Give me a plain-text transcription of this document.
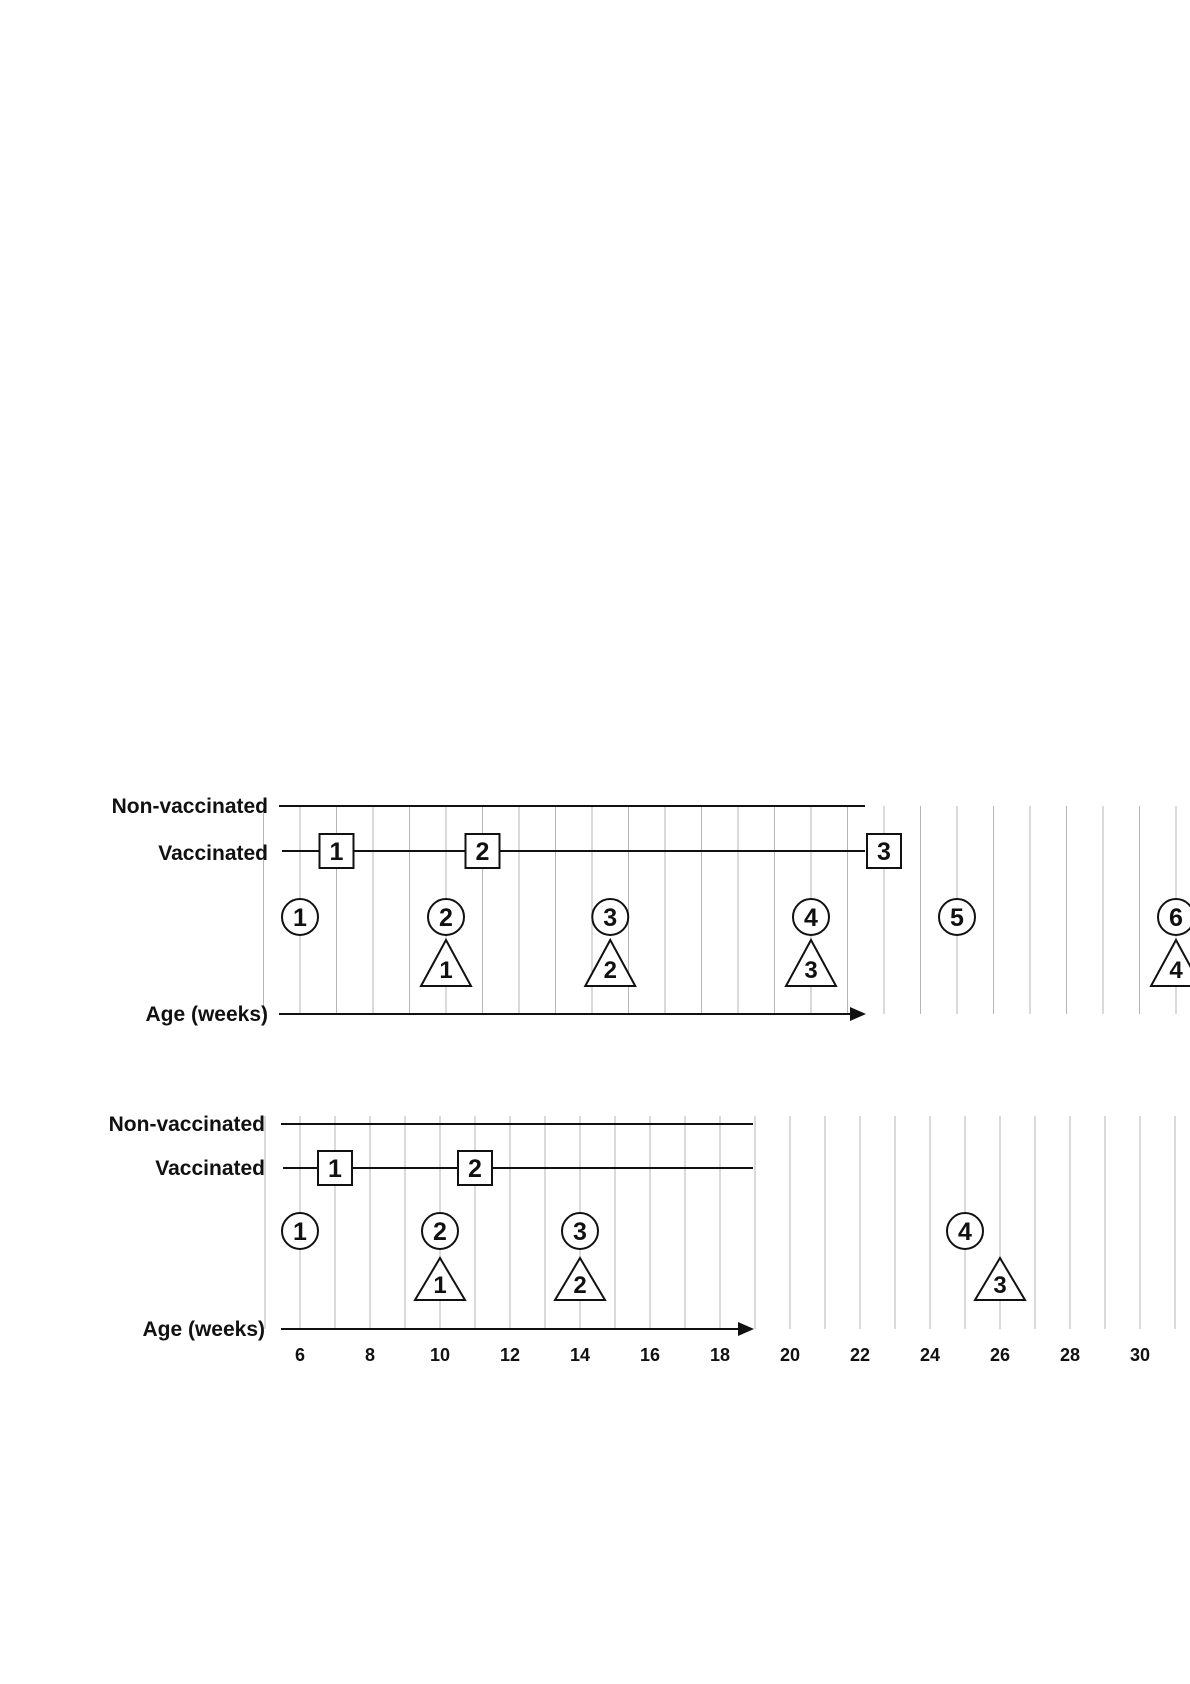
Non-vaccinated
Vaccinated
Age (weeks)
1	2	3
1	2	3	4	5	6
1	2	3	4
Non-vaccinated
Vaccinated
Age (weeks)
6	8	10	12	14	16	18	20	22	24	26	28	30
1	2
1	2	3	4
1	2	3
